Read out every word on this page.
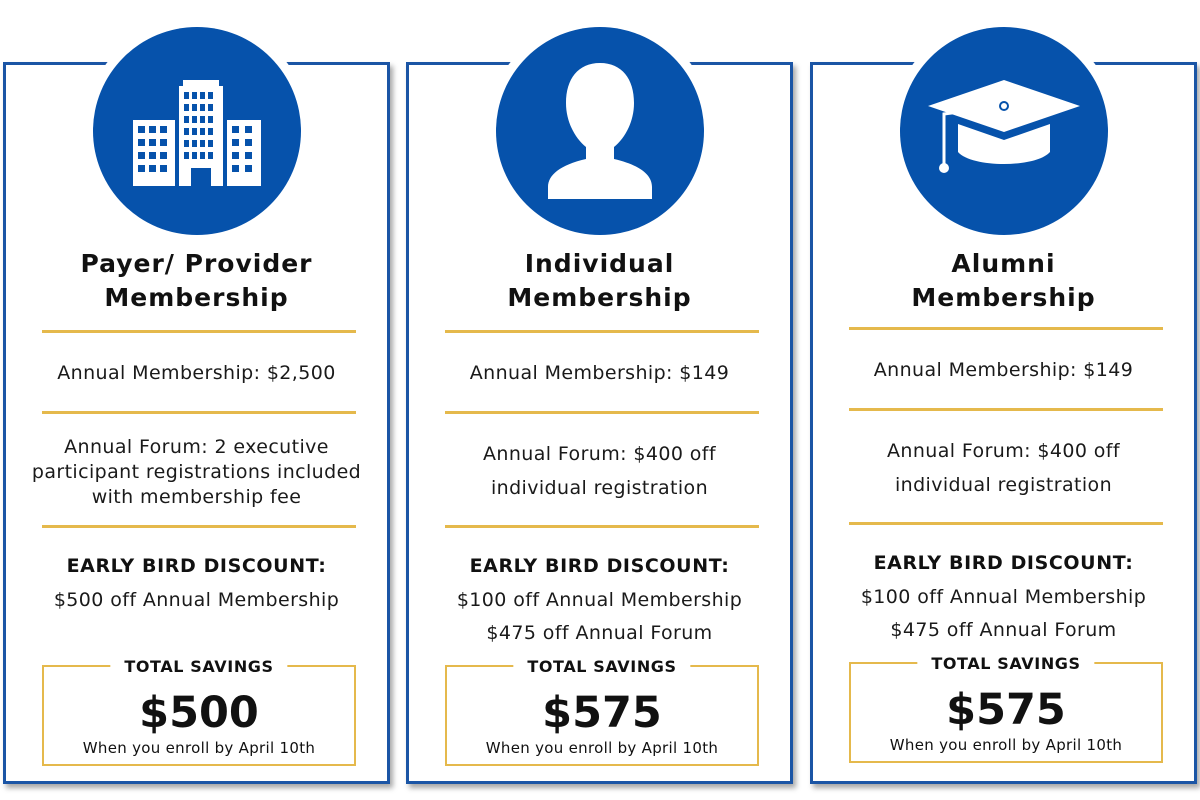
Payer/ Provider
Membership
Annual Membership: $2,500
Annual Forum: 2 executive
participant registrations included
with membership fee
EARLY BIRD DISCOUNT:
$500 off Annual Membership
TOTAL SAVINGS
$500
When you enroll by April 10th
Individual
Membership
Annual Membership: $149
Annual Forum: $400 off
individual registration
EARLY BIRD DISCOUNT:
$100 off Annual Membership
$475 off Annual Forum
TOTAL SAVINGS
$575
When you enroll by April 10th
Alumni
Membership
Annual Membership: $149
Annual Forum: $400 off
individual registration
EARLY BIRD DISCOUNT:
$100 off Annual Membership
$475 off Annual Forum
TOTAL SAVINGS
$575
When you enroll by April 10th
